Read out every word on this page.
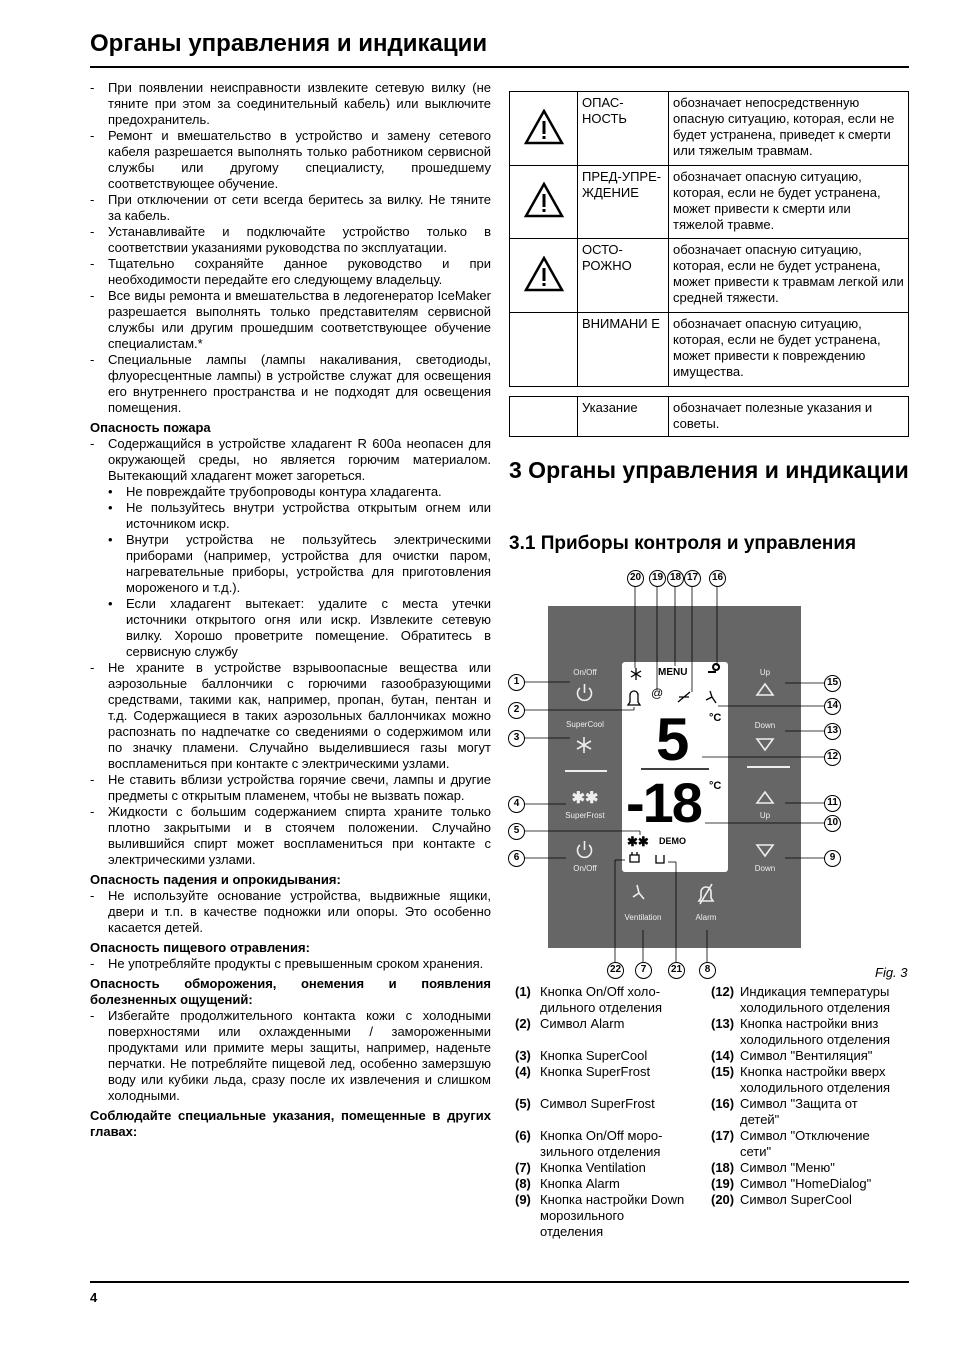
Органы управления и индикации
- При появлении неисправности извлеките сетевую вилку (не тяните при этом за соединительный кабель) или выключите предохранитель.
- Ремонт и вмешательство в устройство и замену сетевого кабеля разрешается выполнять только работником сервисной службы или другому специалисту, прошедшему соответствующее обучение.
- При отключении от сети всегда беритесь за вилку. Не тяните за кабель.
- Устанавливайте и подключайте устройство только в соответствии указаниями руководства по эксплуатации.
- Тщательно сохраняйте данное руководство и при необходимости передайте его следующему владельцу.
- Все виды ремонта и вмешательства в ледогенератор IceMaker разрешается выполнять только представителям сервисной службы или другим прошедшим соответствующее обучение специалистам.*
- Специальные лампы (лампы накаливания, светодиоды, флуоресцентные лампы) в устройстве служат для освещения его внутреннего пространства и не подходят для освещения помещения.
Опасность пожара
- Содержащийся в устройстве хладагент R 600a неопасен для окружающей среды, но является горючим материалом. Вытекающий хладагент может загореться.
• Не повреждайте трубопроводы контура хладагента.
• Не пользуйтесь внутри устройства открытым огнем или источником искр.
• Внутри устройства не пользуйтесь электрическими приборами (например, устройства для очистки паром, нагревательные приборы, устройства для приготовления мороженого и т.д.).
• Если хладагент вытекает: удалите с места утечки источники открытого огня или искр. Извлеките сетевую вилку. Хорошо проветрите помещение. Обратитесь в сервисную службу
- Не храните в устройстве взрывоопасные вещества или аэрозольные баллончики с горючими газообразующими средствами, такими как, например, пропан, бутан, пентан и т.д. Содержащиеся в таких аэрозольных баллончиках можно распознать по надпечатке со сведениями о содержимом или по значку пламени. Случайно выделившиеся газы могут воспламениться при контакте с электрическими узлами.
- Не ставить вблизи устройства горячие свечи, лампы и другие предметы с открытым пламенем, чтобы не вызвать пожар.
- Жидкости с большим содержанием спирта храните только плотно закрытыми и в стоячем положении. Случайно вылившийся спирт может воспламениться при контакте с электрическими узлами.
Опасность падения и опрокидывания:
- Не используйте основание устройства, выдвижные ящики, двери и т.п. в качестве подножки или опоры. Это особенно касается детей.
Опасность пищевого отравления:
- Не употребляйте продукты с превышенным сроком хранения.
Опасность обморожения, онемения и появления болезненных ощущений:
- Избегайте продолжительного контакта кожи с холодными поверхностями или охлажденными / замороженными продуктами или примите меры защиты, например, наденьте перчатки. Не потребляйте пищевой лед, особенно замерзшую воду или кубики льда, сразу после их извлечения и слишком холодными.
Соблюдайте специальные указания, помещенные в других главах:
	ОПАС-НОСТЬ	обозначает непосредственную опасную ситуацию, которая, если не будет устранена, приведет к смерти или тяжелым травмам.
	ПРЕД-УПРЕ-ЖДЕНИЕ	обозначает опасную ситуацию, которая, если не будет устранена, может привести к смерти или тяжелой травме.
	ОСТО-РОЖНО	обозначает опасную ситуацию, которая, если не будет устранена, может привести к травмам легкой или средней тяжести.
	ВНИМАНИ Е	обозначает опасную ситуацию, которая, если не будет устранена, может привести к повреждению имущества.
	Указание	обозначает полезные указания и советы.
3 Органы управления и индикации
3.1 Приборы контроля и управления
On/Off
SuperCool
✱✱
SuperFrost
On/Off
Up
Down
Up
Down
Ventilation	Alarm
MENU
5 °C
-18 °C
✱✱ DEMO
@
1
2
3
4
5
6
15
14
13
12
11
10
9
20 19 18 17 16
22	7	21	8	Fig. 3
(1) Кнопка On/Off холо-дильного отделения
(2) Символ Alarm
(3) Кнопка SuperCool
(4) Кнопка SuperFrost
(5) Символ SuperFrost
(6) Кнопка On/Off моро-зильного отделения
(7) Кнопка Ventilation
(8) Кнопка Alarm
(9) Кнопка настройки Down морозильного отделения
(12) Индикация температуры холодильного отделения
(13) Кнопка настройки вниз холодильного отделения
(14) Символ "Вентиляция"
(15) Кнопка настройки вверх холодильного отделения
(16) Символ "Защита от детей"
(17) Символ "Отключение сети"
(18) Символ "Меню"
(19) Символ "HomeDialog"
(20) Символ SuperCool
4
